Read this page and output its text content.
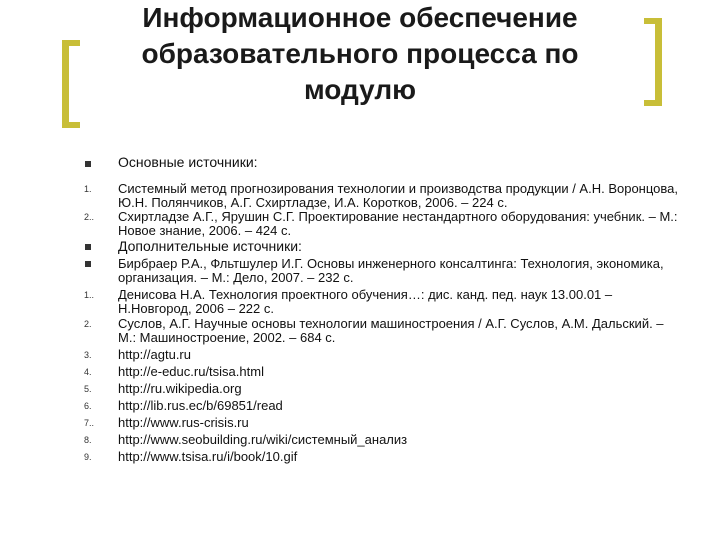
Информационное обеспечение
образовательного процесса по
модулю
Основные источники:
1. Системный метод прогнозирования технологии и производства продукции / А.Н. Воронцова, Ю.Н. Полянчиков, А.Г. Схиртладзе, И.А. Коротков, 2006. – 224 с.
2.. Схиртладзе А.Г., Ярушин С.Г. Проектирование нестандартного оборудования: учебник. – М.: Новое знание, 2006. – 424 с.
Дополнительные источники:
Бирбраер Р.А., Фльтшулер И.Г. Основы инженерного консалтинга: Технология, экономика, организация. – М.: Дело, 2007. – 232 с.
1.. Денисова Н.А. Технология проектного обучения…: дис. канд. пед. наук 13.00.01 – Н.Новгород, 2006 – 222 с.
2. Суслов, А.Г. Научные основы технологии машиностроения / А.Г. Суслов, А.М. Дальский. – М.: Машиностроение, 2002. – 684 с.
3. http://agtu.ru
4. http://e-educ.ru/tsisa.html
5. http://ru.wikipedia.org
6. http://lib.rus.ec/b/69851/read
7.. http://www.rus-crisis.ru
8. http://www.seobuilding.ru/wiki/системный_анализ
9. http://www.tsisa.ru/i/book/10.gif
